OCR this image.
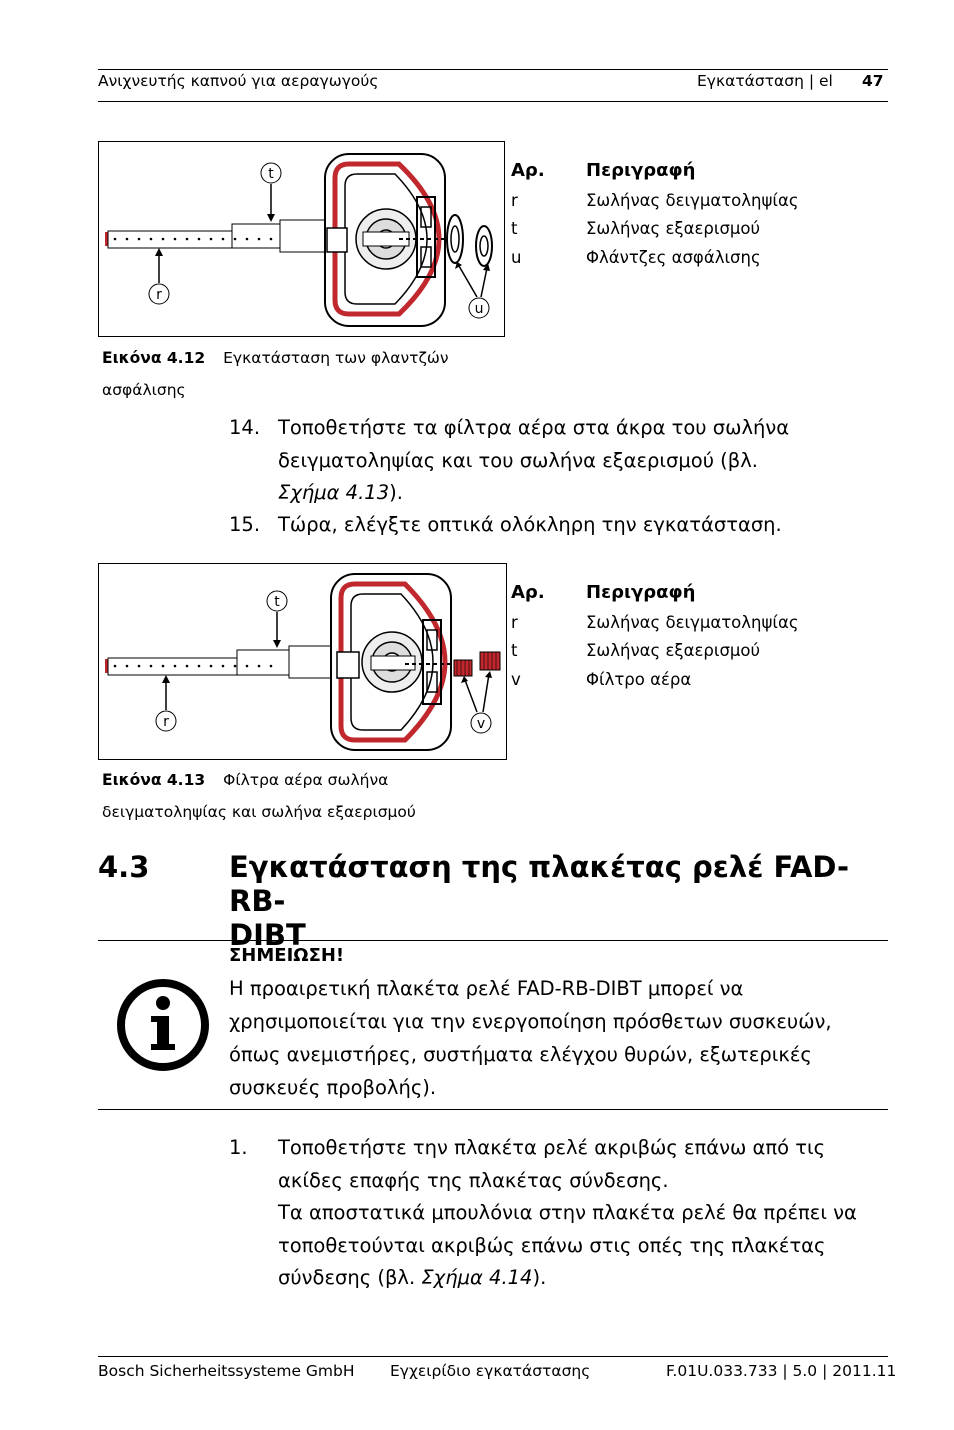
Ανιχνευτής καπνού για αεραγωγούς	Εγκατάσταση | el 47
t
r
u
Αρ. Περιγραφή
r	Σωλήνας δειγματοληψίας
t	Σωλήνας εξαερισμού
u	Φλάντζες ασφάλισης
Εικόνα 4.12 Εγκατάσταση των φλαντζών
ασφάλισης
14. Τοποθετήστε τα φίλτρα αέρα στα άκρα του σωλήνα
δειγματοληψίας και του σωλήνα εξαερισμού (βλ.
Σχήμα 4.13).
15. Τώρα, ελέγξτε οπτικά ολόκληρη την εγκατάσταση.
t
r	v
Αρ. Περιγραφή
r	Σωλήνας δειγματοληψίας
t	Σωλήνας εξαερισμού
v	Φίλτρο αέρα
Εικόνα 4.13 Φίλτρα αέρα σωλήνα
δειγματοληψίας και σωλήνα εξαερισμού
4.3	Εγκατάσταση της πλακέτας ρελέ FAD-RB-
DIBT
ΣΗΜΕΙΩΣΗ!
Η προαιρετική πλακέτα ρελέ FAD-RB-DIBT μπορεί να
χρησιμοποιείται για την ενεργοποίηση πρόσθετων συσκευών,
όπως ανεμιστήρες, συστήματα ελέγχου θυρών, εξωτερικές
συσκευές προβολής).
1. Τοποθετήστε την πλακέτα ρελέ ακριβώς επάνω από τις
ακίδες επαφής της πλακέτας σύνδεσης.
Τα αποστατικά μπουλόνια στην πλακέτα ρελέ θα πρέπει να
τοποθετούνται ακριβώς επάνω στις οπές της πλακέτας
σύνδεσης (βλ. Σχήμα 4.14).
Bosch Sicherheitssysteme GmbH Εγχειρίδιο εγκατάστασης	F.01U.033.733 | 5.0 | 2011.11
